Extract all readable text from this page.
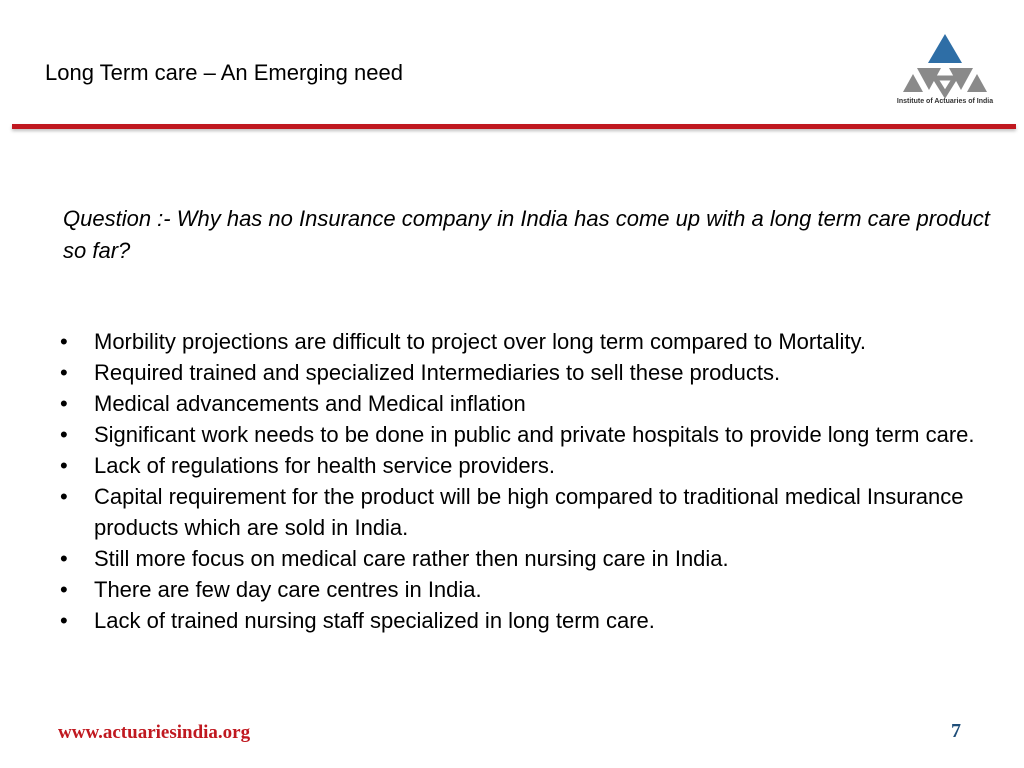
Long Term care – An Emerging need
Institute of Actuaries of India
Question :- Why has no Insurance company in India has come up with a long term care product so far?
• Morbility projections are difficult to project over long term compared to Mortality.
• Required trained and specialized Intermediaries to sell these products.
• Medical advancements and Medical inflation
• Significant work needs to be done in public and private hospitals to provide long term care.
• Lack of regulations for health service providers.
• Capital requirement for the product will be high compared to traditional medical Insurance products which are sold in India.
• Still more focus on medical care rather then nursing care in India.
• There are few day care centres in India.
• Lack of trained nursing staff specialized in long term care.
www.actuariesindia.org	7
